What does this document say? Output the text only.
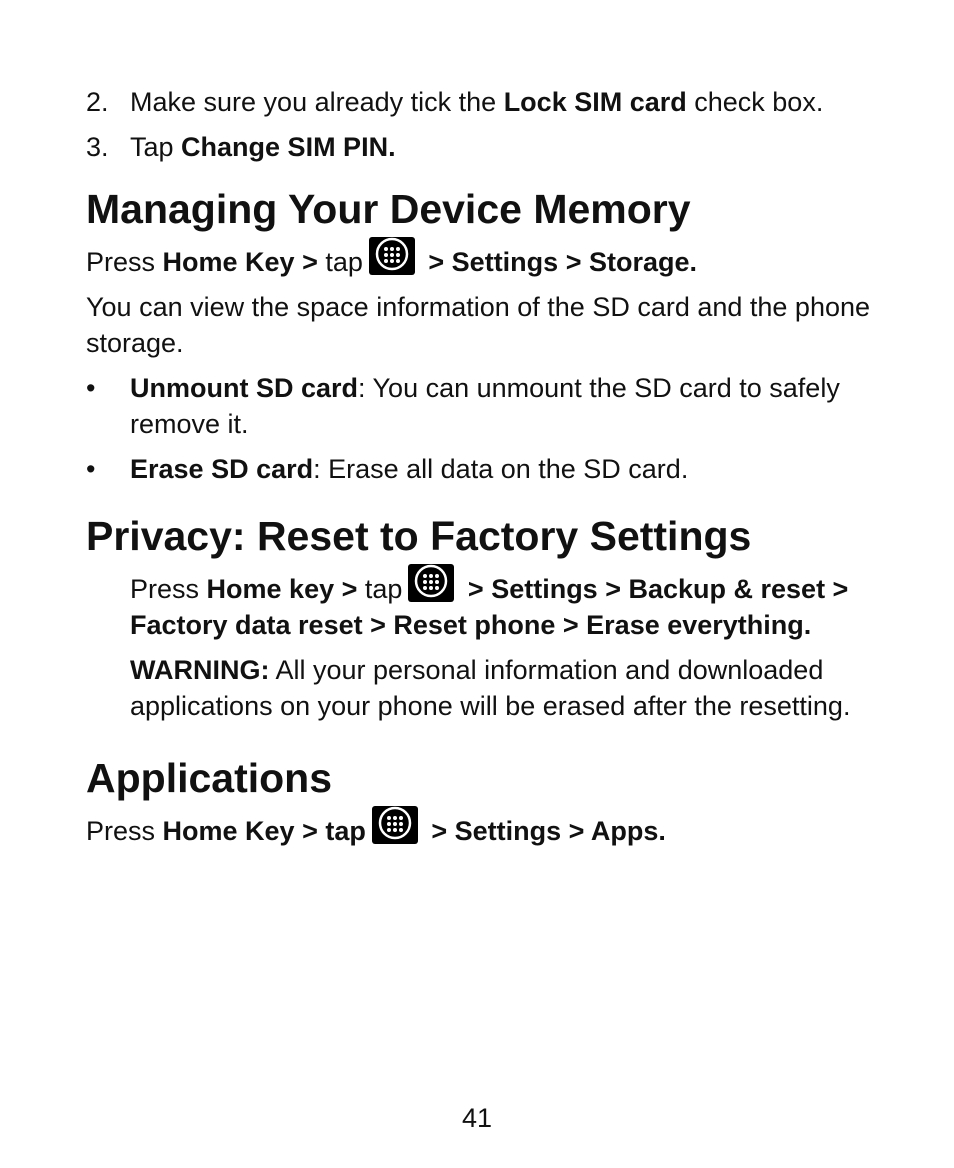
2. Make sure you already tick the Lock SIM card check box.

3. Tap Change SIM PIN.

Managing Your Device Memory

Press Home Key > tap
> Settings > Storage.

You can view the space information of the SD card and the phone storage.

• Unmount SD card: You can unmount the SD card to safely remove it.

• Erase SD card: Erase all data on the SD card.

Privacy: Reset to Factory Settings

Press Home key > tap
> Settings > Backup & reset > Factory data reset > Reset phone > Erase everything.

WARNING: All your personal information and downloaded applications on your phone will be erased after the resetting.

Applications

Press Home Key > tap
> Settings > Apps.

41
